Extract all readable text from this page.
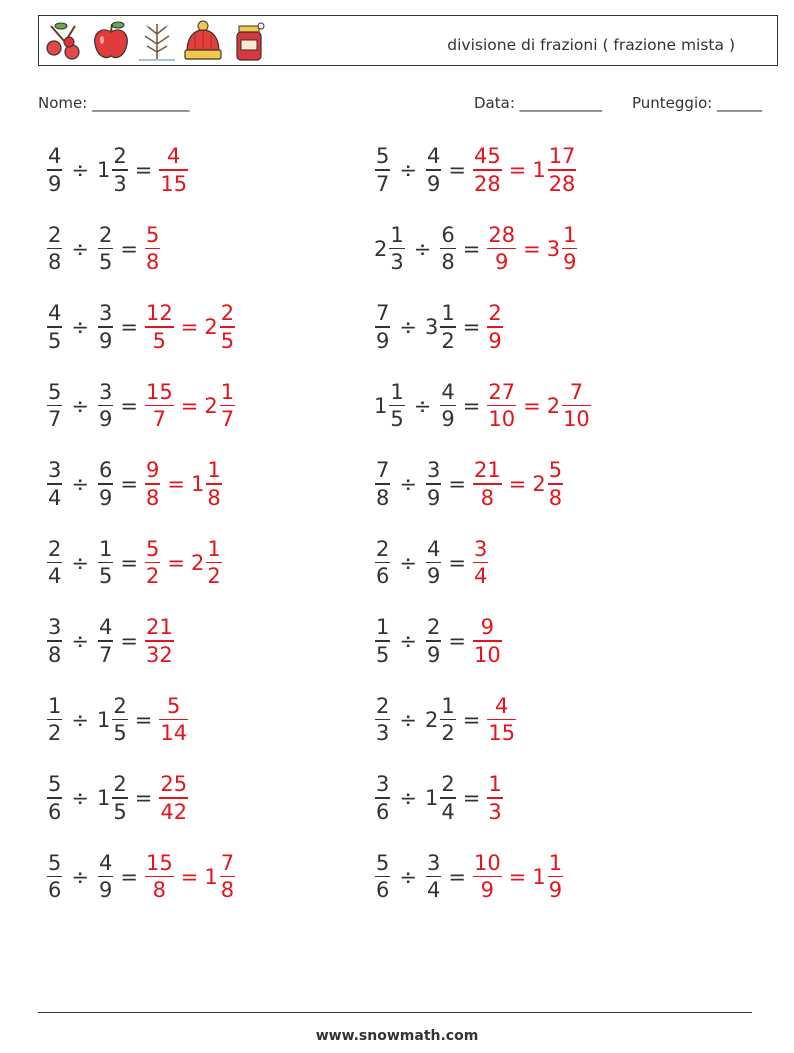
divisione di frazioni ( frazione mista )
Nome: _____________	Data: ___________ Punteggio: ______
$\frac{4}{9} \div 1 \frac{2}{3} = \frac{4}{15}$	$\frac{5}{7} \div \frac{4}{9} = \frac{45}{28} = 1 \frac{17}{28}$
$\frac{2}{8} \div \frac{2}{5} = \frac{5}{8}$	$2 \frac{1}{3} \div \frac{6}{8} = \frac{28}{9} = 3 \frac{1}{9}$
$\frac{4}{5} \div \frac{3}{9} = \frac{12}{5} = 2 \frac{2}{5}$	$\frac{7}{9} \div 3 \frac{1}{2} = \frac{2}{9}$
$\frac{5}{7} \div \frac{3}{9} = \frac{15}{7} = 2 \frac{1}{7}$	$1 \frac{1}{5} \div \frac{4}{9} = \frac{27}{10} = 2 \frac{7}{10}$
$\frac{3}{4} \div \frac{6}{9} = \frac{9}{8} = 1 \frac{1}{8}$	$\frac{7}{8} \div \frac{3}{9} = \frac{21}{8} = 2 \frac{5}{8}$
$\frac{2}{4} \div \frac{1}{5} = \frac{5}{2} = 2 \frac{1}{2}$	$\frac{2}{6} \div \frac{4}{9} = \frac{3}{4}$
$\frac{3}{8} \div \frac{4}{7} = \frac{21}{32}$	$\frac{1}{5} \div \frac{2}{9} = \frac{9}{10}$
$\frac{1}{2} \div 1 \frac{2}{5} = \frac{5}{14}$	$\frac{2}{3} \div 2 \frac{1}{2} = \frac{4}{15}$
$\frac{5}{6} \div 1 \frac{2}{5} = \frac{25}{42}$	$\frac{3}{6} \div 1 \frac{2}{4} = \frac{1}{3}$
$\frac{5}{6} \div \frac{4}{9} = \frac{15}{8} = 1 \frac{7}{8}$	$\frac{5}{6} \div \frac{3}{4} = \frac{10}{9} = 1 \frac{1}{9}$
www.snowmath.com
